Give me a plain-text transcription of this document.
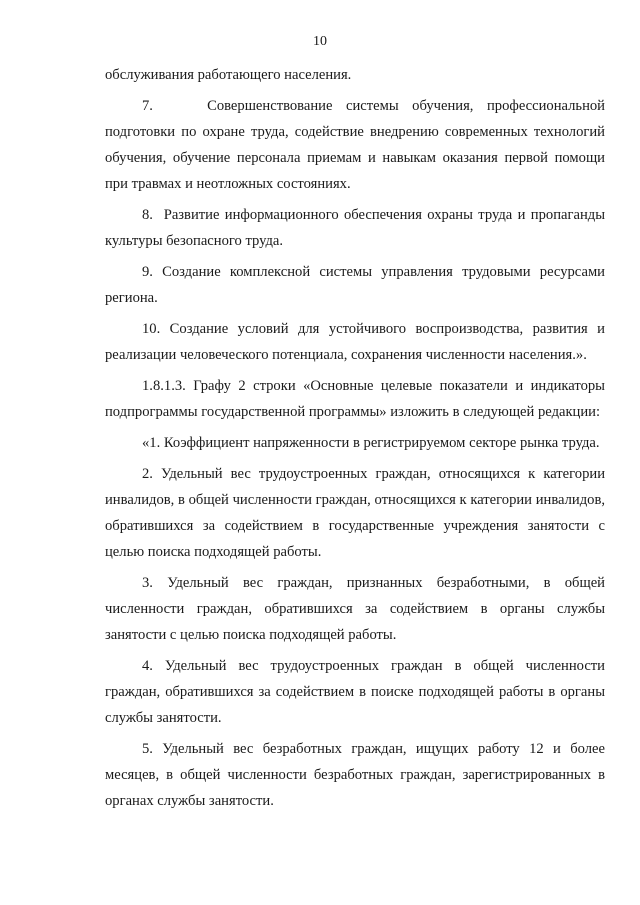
10

обслуживания работающего населения.

7.    Совершенствование системы обучения, профессиональной подготовки по охране труда, содействие внедрению современных технологий обучения, обучение персонала приемам и навыкам оказания первой помощи при травмах и неотложных состояниях.

8.  Развитие информационного обеспечения охраны труда и пропаганды культуры безопасного труда.

9. Создание комплексной системы управления трудовыми ресурсами региона.

10. Создание условий для устойчивого воспроизводства, развития и реализации человеческого потенциала, сохранения численности населения.».

1.8.1.3. Графу 2 строки «Основные целевые показатели и индикаторы подпрограммы государственной программы» изложить в следующей редакции:

«1. Коэффициент напряженности в регистрируемом секторе рынка труда.

2. Удельный вес трудоустроенных граждан, относящихся к категории инвалидов, в общей численности граждан, относящихся к категории инвалидов, обратившихся за содействием в государственные учреждения занятости с целью поиска подходящей работы.

3. Удельный вес граждан, признанных безработными, в общей численности граждан, обратившихся за содействием в органы службы занятости с целью поиска подходящей работы.

4. Удельный вес трудоустроенных граждан в общей численности граждан, обратившихся за содействием в поиске подходящей работы в органы службы занятости.

5. Удельный вес безработных граждан, ищущих работу 12 и более месяцев, в общей численности безработных граждан, зарегистрированных в органах службы занятости.
